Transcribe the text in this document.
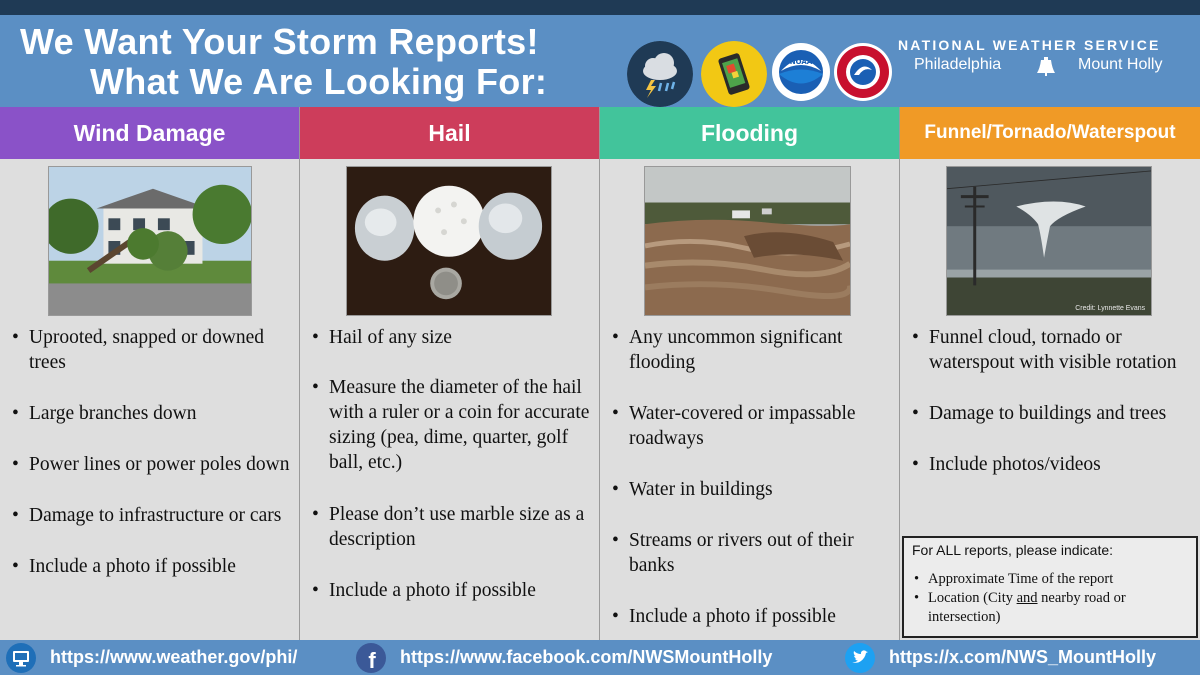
We Want Your Storm Reports!
What We Are Looking For:	NOAA
NATIONAL WEATHER SERVICE
Philadelphia	Mount Holly
Wind Damage
• Uprooted, snapped or downed trees
• Large branches down
• Power lines or power poles down
• Damage to infrastructure or cars
• Include a photo if possible
Hail
• Hail of any size
• Measure the diameter of the hail with a ruler or a coin for accurate sizing (pea, dime, quarter, golf ball, etc.)
• Please don’t use marble size as a description
• Include a photo if possible
Flooding
• Any uncommon significant flooding
• Water-covered or impassable roadways
• Water in buildings
• Streams or rivers out of their banks
• Include a photo if possible
Funnel/Tornado/Waterspout
Credit: Lynnette Evans
• Funnel cloud, tornado or waterspout with visible rotation
• Damage to buildings and trees
• Include photos/videos
For ALL reports, please indicate:
• Approximate Time of the report
• Location (City and nearby road or intersection)
https://www.weather.gov/phi/	f https://www.facebook.com/NWSMountHolly	https://x.com/NWS_MountHolly
